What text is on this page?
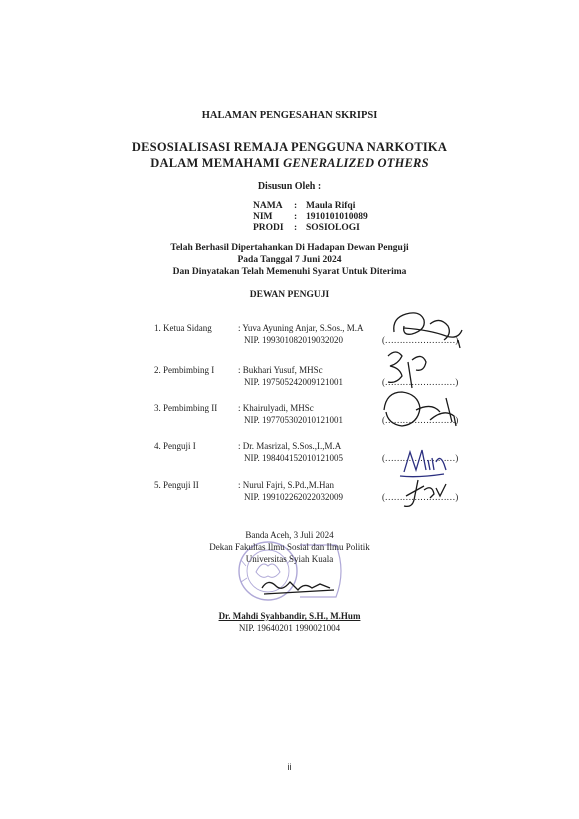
HALAMAN PENGESAHAN SKRIPSI
DESOSIALISASI REMAJA PENGGUNA NARKOTIKA
DALAM MEMAHAMI GENERALIZED OTHERS
Disusun Oleh :
NAMA : Maula Rifqi
NIM : 1910101010089
PRODI : SOSIOLOGI
Telah Berhasil Dipertahankan Di Hadapan Dewan Penguji
Pada Tanggal 7 Juni 2024
Dan Dinyatakan Telah Memenuhi Syarat Untuk Diterima
DEWAN PENGUJI
1. Ketua Sidang	: Yuva Ayuning Anjar, S.Sos., M.A
NIP. 199301082019032020	(……………………)
2. Pembimbing I	: Bukhari Yusuf, MHSc
NIP. 197505242009121001	(……………………)
3. Pembimbing II : Khairulyadi, MHSc
NIP. 197705302010121001	(……………………)
4. Penguji I	: Dr. Masrizal, S.Sos.,I.,M.A
NIP. 198404152010121005	(……………………)
5. Penguji II	: Nurul Fajri, S.Pd.,M.Han
NIP. 199102262022032009	(……………………)
Banda Aceh, 3 Juli 2024
Dekan Fakultas Ilmu Sosial dan Ilmu Politik
Universitas Syiah Kuala
Dr. Mahdi Syahbandir, S.H., M.Hum
NIP. 19640201 1990021004
ii
